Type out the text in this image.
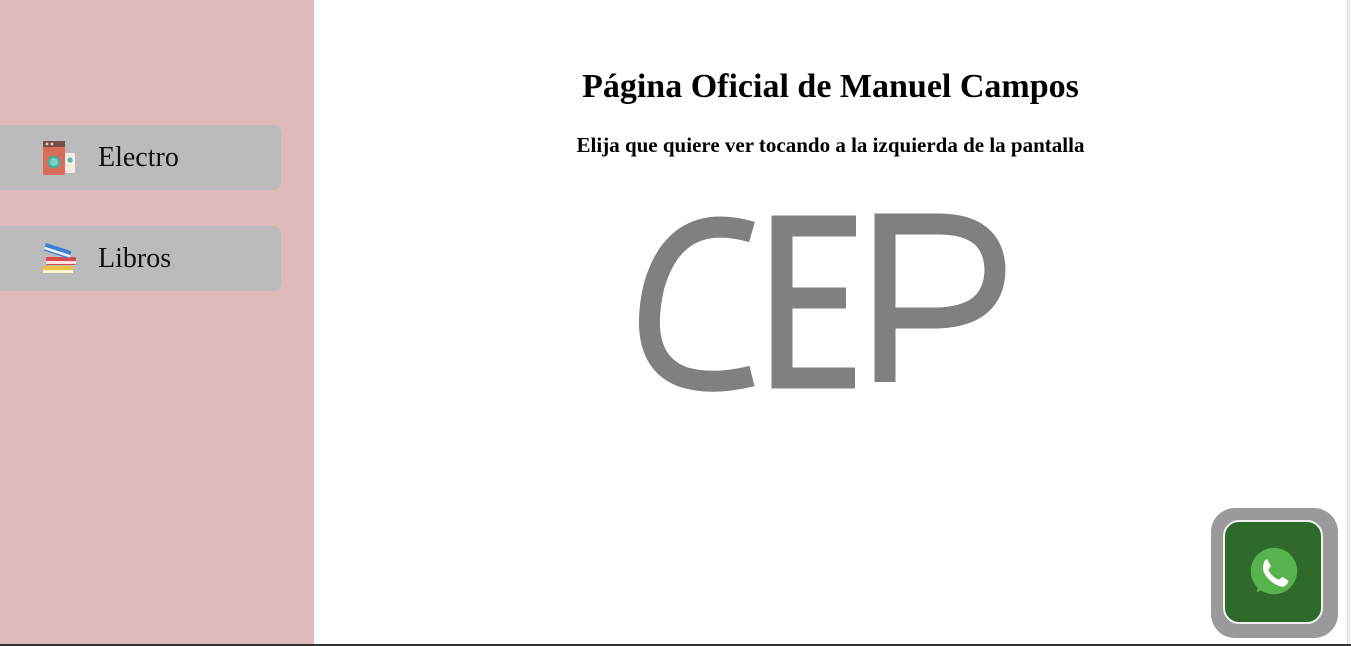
Electro
Libros
Página Oficial de Manuel Campos
Elija que quiere ver tocando a la izquierda de la pantalla
